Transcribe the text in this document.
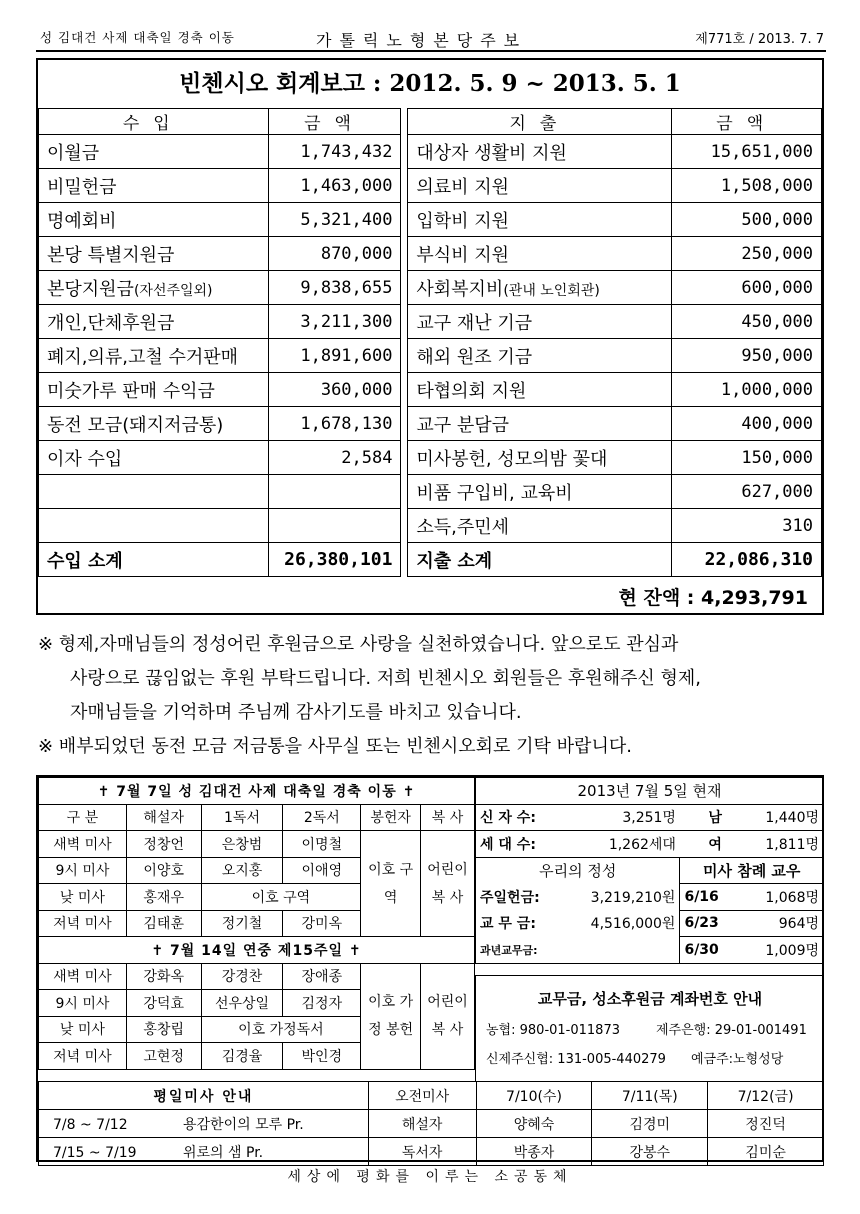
성 김대건 사제 대축일 경축 이동	가톨릭노형본당주보	제771호 / 2013. 7. 7
빈첸시오 회계보고 : 2012. 5. 9 ~ 2013. 5. 1
수입	금액		지출	금액
이월금	1,743,432		대상자 생활비 지원	15,651,000
비밀헌금	1,463,000		의료비 지원	1,508,000
명예회비	5,321,400		입학비 지원	500,000
본당 특별지원금	870,000		부식비 지원	250,000
본당지원금(자선주일외)	9,838,655		사회복지비(관내 노인회관)	600,000
개인,단체후원금	3,211,300		교구 재난 기금	450,000
폐지,의류,고철 수거판매	1,891,600		해외 원조 기금	950,000
미숫가루 판매 수익금	360,000		타협의회 지원	1,000,000
동전 모금(돼지저금통)	1,678,130		교구 분담금	400,000
이자 수입	2,584		미사봉헌, 성모의밤 꽃대	150,000
			비품 구입비, 교육비	627,000
			소득,주민세	310
수입 소계	26,380,101		지출 소계	22,086,310
현 잔액 : 4,293,791

※ 형제,자매님들의 정성어린 후원금으로 사랑을 실천하였습니다. 앞으로도 관심과

사랑으로 끊임없는 후원 부탁드립니다. 저희 빈첸시오 회원들은 후원해주신 형제,

자매님들을 기억하며 주님께 감사기도를 바치고 있습니다.

※ 배부되었던 동전 모금 저금통을 사무실 또는 빈첸시오회로 기탁 바랍니다.

✝ 7월 7일 성 김대건 사제 대축일 경축 이동 ✝					
구 분	해설자	1독서	2독서	봉헌자	복 사
새벽 미사	정창언	은창범	이명철	이호 구역	어린이 복 사
9시 미사	이양호	오지홍	이애영		
낮 미사	홍재우	이호 구역			
저녁 미사	김태훈	정기철	강미옥		
✝ 7월 14일 연중 제15주일 ✝					
새벽 미사	강화옥	강경찬	장애종	이호 가정 봉헌	어린이 복 사
9시 미사	강덕효	선우상일	김정자		
낮 미사	홍창립	이호 가정독서			
저녁 미사	고현정	김경율	박인경		
2013년 7월 5일 현재			
신 자 수:	3,251명	남	1,440명
세 대 수:	1,262세대	여	1,811명
우리의 정성		미사 참례 교우	
주일헌금:	3,219,210원	6/16	1,068명
교 무 금:	4,516,000원	6/23	964명
과년교무금:		6/30	1,009명
교무금, 성소후원금 계좌번호 안내
농협: 980-01-011873	제주은행: 29-01-001491
신제주신협: 131-005-440279 예금주:노형성당
평일미사 안내	오전미사	7/10(수)	7/11(목)	7/12(금)
7/8 ~ 7/12 용감한이의 모루 Pr.	해설자	양혜숙	김경미	정진덕
7/15 ~ 7/19 위로의 샘 Pr.	독서자	박종자	강봉수	김미순
세상에 평화를 이루는 소공동체
